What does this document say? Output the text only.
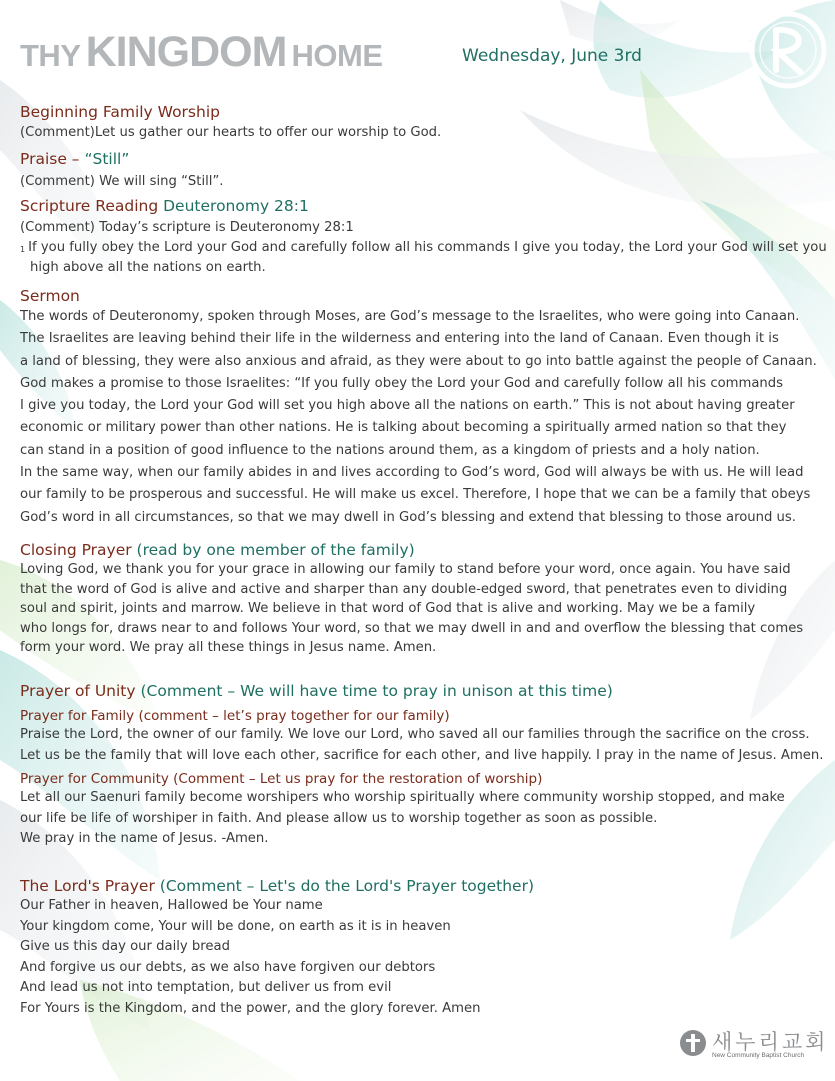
THY KINGDOM HOME	Wednesday, June 3rd
Beginning Family Worship
(Comment)Let us gather our hearts to offer our worship to God.
Praise – “Still”
(Comment) We will sing “Still”.
Scripture Reading Deuteronomy 28:1
(Comment) Today’s scripture is Deuteronomy 28:1
$^1$ If you fully obey the Lord your God and carefully follow all his commands I give you today, the Lord your God will set you high above all the nations on earth.
Sermon
The words of Deuteronomy, spoken through Moses, are God’s message to the Israelites, who were going into Canaan.
The Israelites are leaving behind their life in the wilderness and entering into the land of Canaan. Even though it is
a land of blessing, they were also anxious and afraid, as they were about to go into battle against the people of Canaan.
God makes a promise to those Israelites: “If you fully obey the Lord your God and carefully follow all his commands
I give you today, the Lord your God will set you high above all the nations on earth.” This is not about having greater
economic or military power than other nations. He is talking about becoming a spiritually armed nation so that they
can stand in a position of good influence to the nations around them, as a kingdom of priests and a holy nation.
In the same way, when our family abides in and lives according to God’s word, God will always be with us. He will lead
our family to be prosperous and successful. He will make us excel. Therefore, I hope that we can be a family that obeys
God’s word in all circumstances, so that we may dwell in God’s blessing and extend that blessing to those around us.
Closing Prayer (read by one member of the family)
Loving God, we thank you for your grace in allowing our family to stand before your word, once again. You have said
that the word of God is alive and active and sharper than any double-edged sword, that penetrates even to dividing
soul and spirit, joints and marrow. We believe in that word of God that is alive and working. May we be a family
who longs for, draws near to and follows Your word, so that we may dwell in and and overflow the blessing that comes
form your word. We pray all these things in Jesus name. Amen.
Prayer of Unity (Comment – We will have time to pray in unison at this time)
Prayer for Family (comment – let’s pray together for our family)
Praise the Lord, the owner of our family. We love our Lord, who saved all our families through the sacrifice on the cross.
Let us be the family that will love each other, sacrifice for each other, and live happily. I pray in the name of Jesus. Amen.
Prayer for Community (Comment – Let us pray for the restoration of worship)
Let all our Saenuri family become worshipers who worship spiritually where community worship stopped, and make
our life be life of worshiper in faith. And please allow us to worship together as soon as possible.
We pray in the name of Jesus. -Amen.
The Lord's Prayer (Comment – Let's do the Lord's Prayer together)
Our Father in heaven, Hallowed be Your name
Your kingdom come, Your will be done, on earth as it is in heaven
Give us this day our daily bread
And forgive us our debts, as we also have forgiven our debtors
And lead us not into temptation, but deliver us from evil
For Yours is the Kingdom, and the power, and the glory forever. Amen
새누리교회
New Community Baptist Church
